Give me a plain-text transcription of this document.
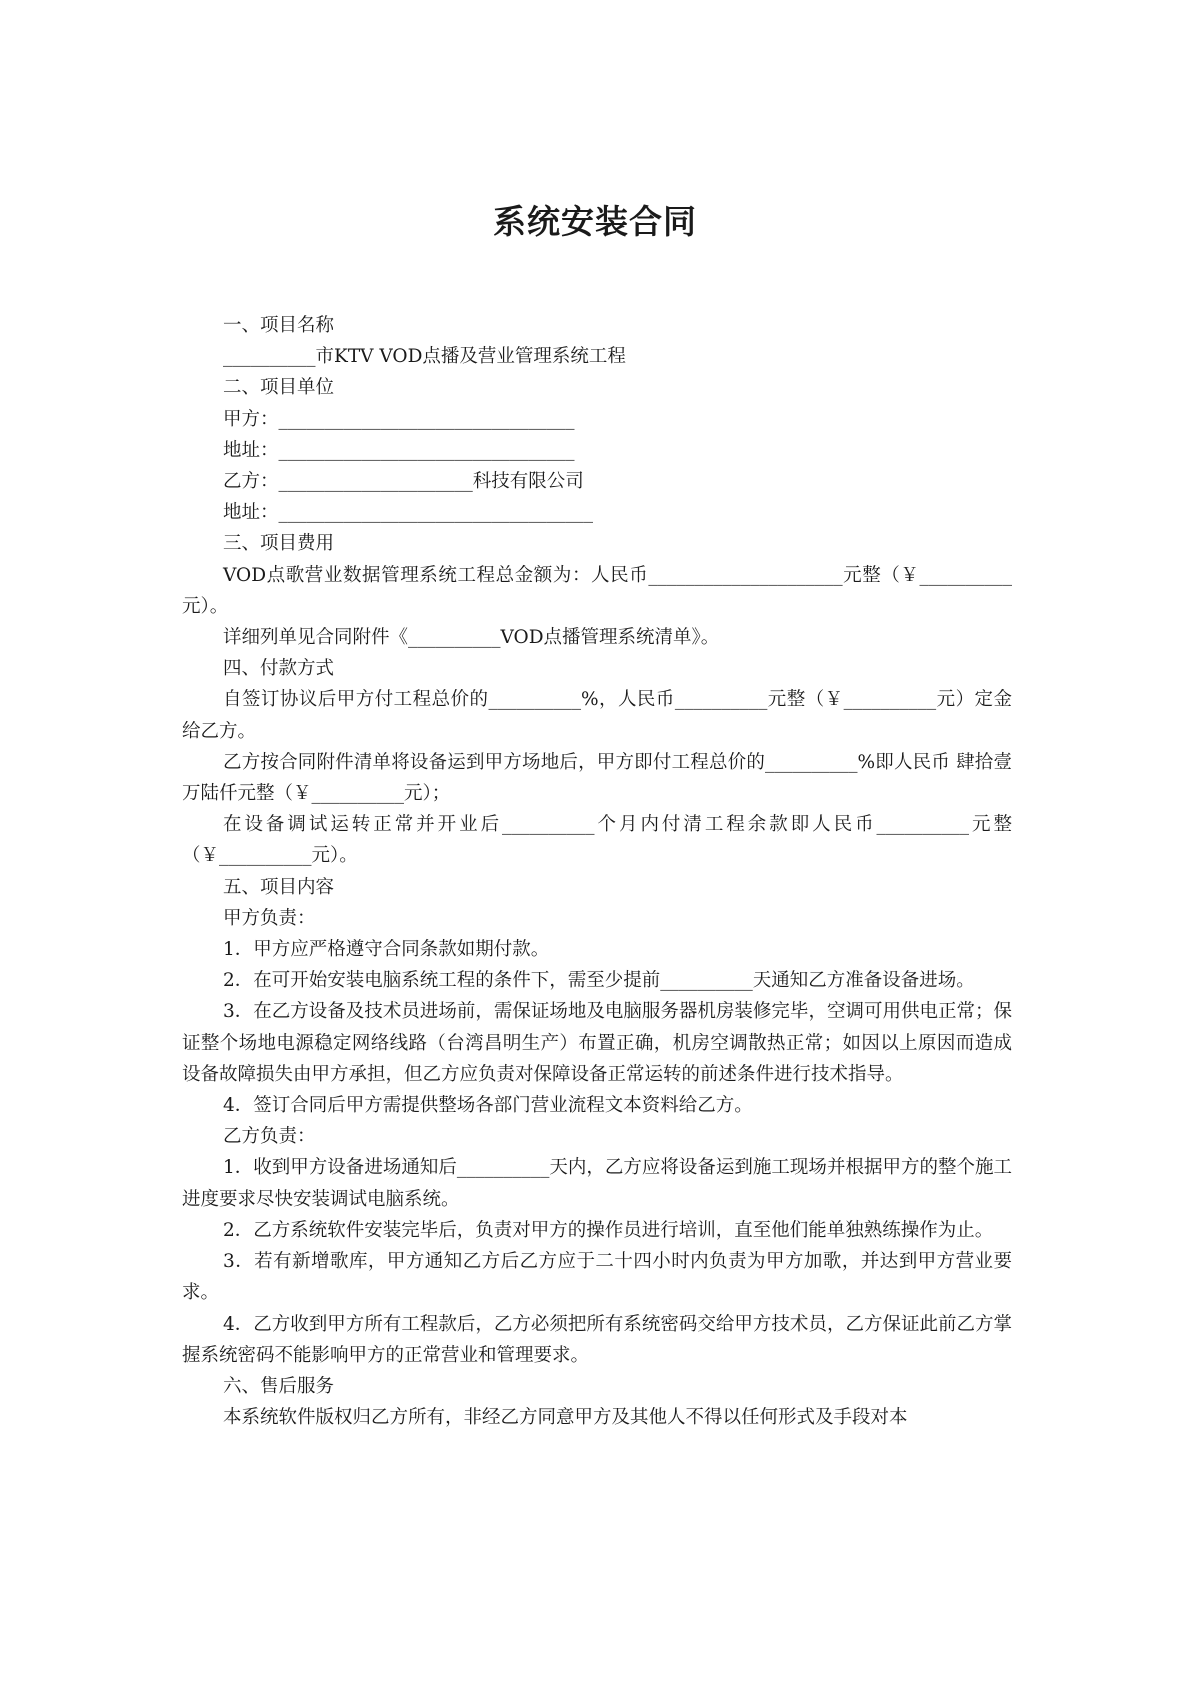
系统安装合同

一、项目名称

__________市KTV VOD点播及营业管理系统工程

二、项目单位

甲方：________________________________

地址：________________________________

乙方：_____________________科技有限公司

地址：__________________________________

三、项目费用

VOD点歌营业数据管理系统工程总金额为：人民币_____________________元整（￥__________元）。

详细列单见合同附件《__________VOD点播管理系统清单》。

四、付款方式

自签订协议后甲方付工程总价的__________%，人民币__________元整（￥__________元）定金给乙方。

乙方按合同附件清单将设备运到甲方场地后，甲方即付工程总价的__________%即人民币 肆拾壹万陆仟元整（￥__________元）；

在设备调试运转正常并开业后__________个月内付清工程余款即人民币__________元整（￥__________元）。

五、项目内容

甲方负责：

1．甲方应严格遵守合同条款如期付款。

2．在可开始安装电脑系统工程的条件下，需至少提前__________天通知乙方准备设备进场。

3．在乙方设备及技术员进场前，需保证场地及电脑服务器机房装修完毕，空调可用供电正常；保证整个场地电源稳定网络线路（台湾昌明生产）布置正确，机房空调散热正常；如因以上原因而造成设备故障损失由甲方承担，但乙方应负责对保障设备正常运转的前述条件进行技术指导。

4．签订合同后甲方需提供整场各部门营业流程文本资料给乙方。

乙方负责：

1．收到甲方设备进场通知后__________天内，乙方应将设备运到施工现场并根据甲方的整个施工进度要求尽快安装调试电脑系统。

2．乙方系统软件安装完毕后，负责对甲方的操作员进行培训，直至他们能单独熟练操作为止。

3．若有新增歌库，甲方通知乙方后乙方应于二十四小时内负责为甲方加歌，并达到甲方营业要求。

4．乙方收到甲方所有工程款后，乙方必须把所有系统密码交给甲方技术员，乙方保证此前乙方掌握系统密码不能影响甲方的正常营业和管理要求。

六、售后服务

本系统软件版权归乙方所有，非经乙方同意甲方及其他人不得以任何形式及手段对本
